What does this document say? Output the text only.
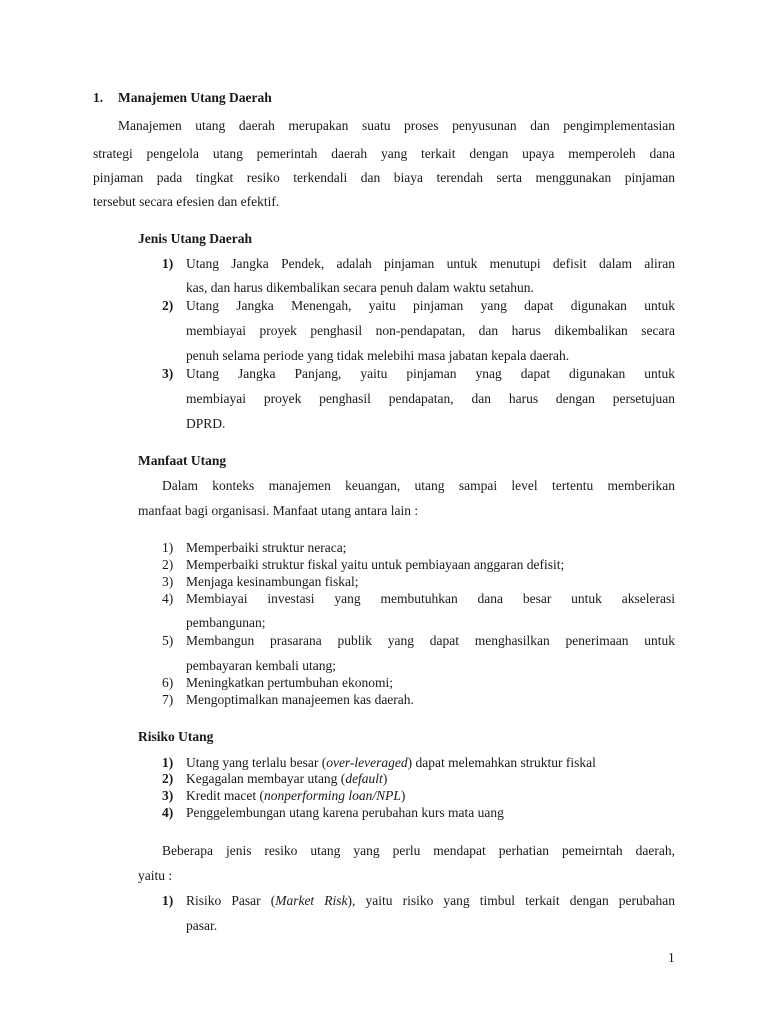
1. Manajemen Utang Daerah
Manajemen utang daerah merupakan suatu proses penyusunan dan pengimplementasian
strategi pengelola utang pemerintah daerah yang terkait dengan upaya memperoleh dana
pinjaman pada tingkat resiko terkendali dan biaya terendah serta menggunakan pinjaman
tersebut secara efesien dan efektif.
Jenis Utang Daerah
1) Utang Jangka Pendek, adalah pinjaman untuk menutupi defisit dalam aliran
kas, dan harus dikembalikan secara penuh dalam waktu setahun.
2) Utang Jangka Menengah, yaitu pinjaman yang dapat digunakan untuk
membiayai proyek penghasil non-pendapatan, dan harus dikembalikan secara
penuh selama periode yang tidak melebihi masa jabatan kepala daerah.
3) Utang Jangka Panjang, yaitu pinjaman ynag dapat digunakan untuk
membiayai proyek penghasil pendapatan, dan harus dengan persetujuan
DPRD.
Manfaat Utang
Dalam konteks manajemen keuangan, utang sampai level tertentu memberikan
manfaat bagi organisasi. Manfaat utang antara lain :
1) Memperbaiki struktur neraca;
2) Memperbaiki struktur fiskal yaitu untuk pembiayaan anggaran defisit;
3) Menjaga kesinambungan fiskal;
4) Membiayai investasi yang membutuhkan dana besar untuk akselerasi
pembangunan;
5) Membangun prasarana publik yang dapat menghasilkan penerimaan untuk
pembayaran kembali utang;
6) Meningkatkan pertumbuhan ekonomi;
7) Mengoptimalkan manajeemen kas daerah.
Risiko Utang
1) Utang yang terlalu besar (over-leveraged) dapat melemahkan struktur fiskal
2) Kegagalan membayar utang (default)
3) Kredit macet (nonperforming loan/NPL)
4) Penggelembungan utang karena perubahan kurs mata uang
Beberapa jenis resiko utang yang perlu mendapat perhatian pemeirntah daerah,
yaitu :
1) Risiko Pasar (Market Risk), yaitu risiko yang timbul terkait dengan perubahan
pasar.
1
